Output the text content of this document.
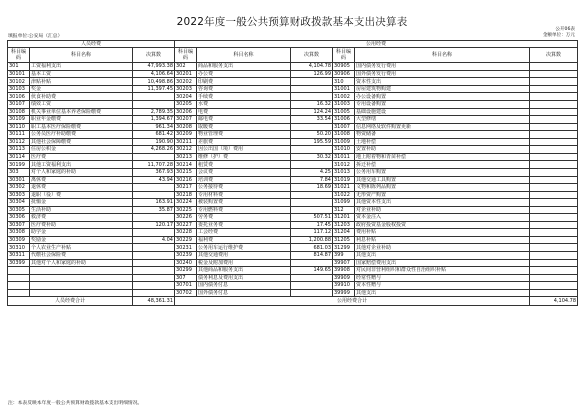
2022年度一般公共预算财政拨款基本支出决算表
公开06表
金额单位：万元
填报单位:公安局（汇总）
人员经费			公用经费					
科目编码	科目名称	决算数	科目编码	科目名称	决算数	科目编码	科目名称	决算数
301	工资福利支出	47,993.38	302	商品和服务支出	4,104.78	30905	国内债务发行费用	
30101	基本工资	4,106.64	30201	办公费	126.99	30906	国外债务发行费用	
30102	津贴补贴	10,498.86	30202	印刷费		310	资本性支出	
30103	奖金	11,397.45	30203	咨询费		31001	房屋建筑物购建	
30106	伙食补助费		30204	手续费		31002	办公设备购置	
30107	绩效工资		30205	水费	16.32	31003	专用设备购置	
30108	机关事业单位基本养老保险缴费	2,789.35	30206	电费	124.24	31005	基础设施建设	
30109	职业年金缴费	1,394.67	30207	邮电费	33.54	31006	大型修缮	
30110	职工基本医疗保险缴费	961.34	30208	取暖费		31007	信息网络及软件购置更新	
30111	公务员医疗补助缴费	681.42	30209	物业管理费	50.20	31008	物资储备	
30112	其他社会保障缴费	190.90	30211	差旅费	195.59	31009	土地补偿	
30113	住房公积金	4,268.26	30212	因公出国（境）费用		31010	安置补助	
30114	医疗费		30213	维修（护）费	30.32	31011	地上附着物和青苗补偿	
30199	其他工资福利支出	11,707.28	30214	租赁费		31012	拆迁补偿	
303	对个人和家庭的补助	367.93	30215	会议费	4.25	31013	公务用车购置	
30301	离休费	43.94	30216	培训费	7.84	31019	其他交通工具购置	
30302	退休费		30217	公务接待费	18.69	31021	文物和陈列品购置	
30303	退职（役）费		30218	专用材料费		31022	无形资产购置	
30304	抚恤金	163.91	30224	被装购置费		31099	其他资本性支出	
30305	生活补助	35.87	30225	专用燃料费		312	对企业补助	
30306	救济费		30226	劳务费	507.51	31201	资本金注入	
30307	医疗费补助	120.17	30227	委托业务费	17.45	31203	政府投资基金股权投资	
30308	助学金		30228	工会经费	117.12	31204	费用补贴	
30309	奖励金	4.04	30229	福利费	1,200.88	31205	利息补贴	
30310	个人农业生产补贴		30231	公务用车运行维护费	681.03	31299	其他对企业补助	
30311	代缴社会保险费		30239	其他交通费用	814.87	399	其他支出	
30399	其他对个人和家庭的补助		30240	税金及附加费用		39907	国家赔偿费用支出	
			30299	其他商品和服务支出	149.65	39908	对民间非营利组织和群众性自治组织补贴	
			307	债务利息及费用支出		39909	经常性赠与	
			30701	国内债务付息		39910	资本性赠与	
			30702	国外债务付息		39999	其他支出	
人员经费合计		48,361.31	公用经费合计					4,104.78
注：本表反映本年度一般公共预算财政拨款基本支出明细情况。
